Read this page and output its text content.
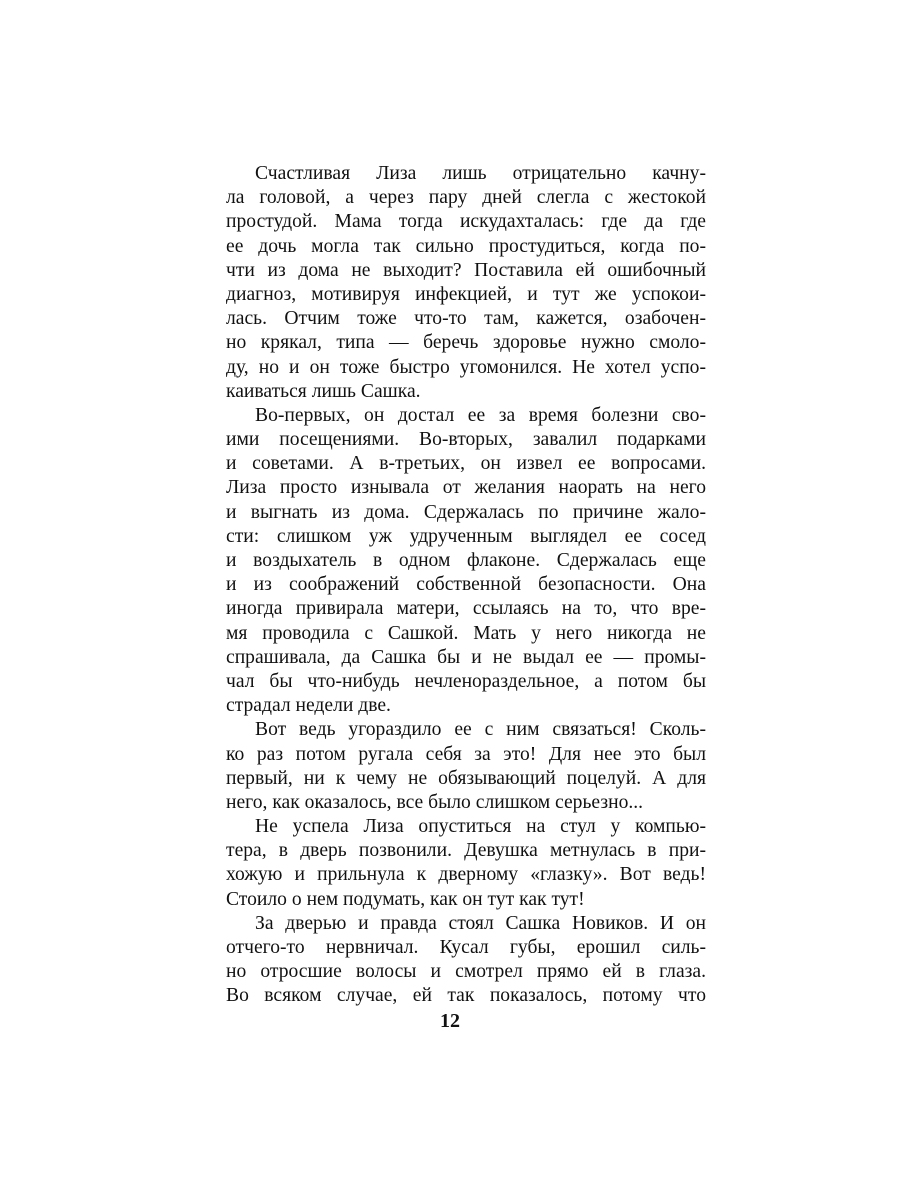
Счастливая Лиза лишь отрицательно качну-
ла головой, а через пару дней слегла с жестокой
простудой. Мама тогда искудахталась: где да где
ее дочь могла так сильно простудиться, когда по-
чти из дома не выходит? Поставила ей ошибочный
диагноз, мотивируя инфекцией, и тут же успокои-
лась. Отчим тоже что-то там, кажется, озабочен-
но крякал, типа — беречь здоровье нужно смоло-
ду, но и он тоже быстро угомонился. Не хотел успо-
каиваться лишь Сашка.
Во-первых, он достал ее за время болезни сво-
ими посещениями. Во-вторых, завалил подарками
и советами. А в-третьих, он извел ее вопросами.
Лиза просто изнывала от желания наорать на него
и выгнать из дома. Сдержалась по причине жало-
сти: слишком уж удрученным выглядел ее сосед
и воздыхатель в одном флаконе. Сдержалась еще
и из соображений собственной безопасности. Она
иногда привирала матери, ссылаясь на то, что вре-
мя проводила с Сашкой. Мать у него никогда не
спрашивала, да Сашка бы и не выдал ее — промы-
чал бы что-нибудь нечленораздельное, а потом бы
страдал недели две.
Вот ведь угораздило ее с ним связаться! Сколь-
ко раз потом ругала себя за это! Для нее это был
первый, ни к чему не обязывающий поцелуй. А для
него, как оказалось, все было слишком серьезно...
Не успела Лиза опуститься на стул у компью-
тера, в дверь позвонили. Девушка метнулась в при-
хожую и прильнула к дверному «глазку». Вот ведь!
Стоило о нем подумать, как он тут как тут!
За дверью и правда стоял Сашка Новиков. И он
отчего-то нервничал. Кусал губы, ерошил силь-
но отросшие волосы и смотрел прямо ей в глаза.
Во всяком случае, ей так показалось, потому что
12
